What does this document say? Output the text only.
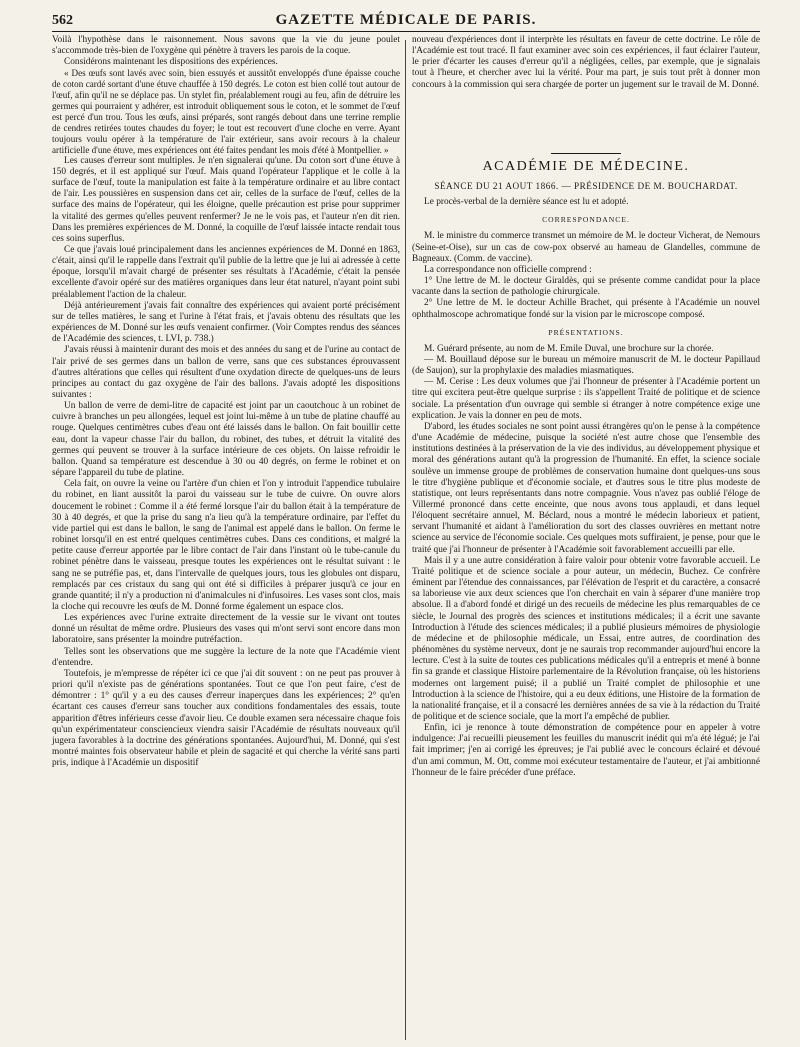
562	GAZETTE MÉDICALE DE PARIS.

Voilà l'hypothèse dans le raisonnement. Nous savons que la vie du jeune poulet s'accommode très-bien de l'oxygène qui pénètre à travers les parois de la coque.

Considérons maintenant les dispositions des expériences.

« Des œufs sont lavés avec soin, bien essuyés et aussitôt enveloppés d'une épaisse couche de coton cardé sortant d'une étuve chauffée à 150 degrés. Le coton est bien collé tout autour de l'œuf, afin qu'il ne se déplace pas. Un stylet fin, préalablement rougi au feu, afin de détruire les germes qui pourraient y adhérer, est introduit obliquement sous le coton, et le sommet de l'œuf est percé d'un trou. Tous les œufs, ainsi préparés, sont rangés debout dans une terrine remplie de cendres retirées toutes chaudes du foyer; le tout est recouvert d'une cloche en verre. Ayant toujours voulu opérer à la température de l'air extérieur, sans avoir recours à la chaleur artificielle d'une étuve, mes expériences ont été faites pendant les mois d'été à Montpellier. »

Les causes d'erreur sont multiples. Je n'en signalerai qu'une. Du coton sort d'une étuve à 150 degrés, et il est appliqué sur l'œuf. Mais quand l'opérateur l'applique et le colle à la surface de l'œuf, toute la manipulation est faite à la température ordinaire et au libre contact de l'air. Les poussières en suspension dans cet air, celles de la surface de l'œuf, celles de la surface des mains de l'opérateur, qui les éloigne, quelle précaution est prise pour supprimer la vitalité des germes qu'elles peuvent renfermer? Je ne le vois pas, et l'auteur n'en dit rien. Dans les premières expériences de M. Donné, la coquille de l'œuf laissée intacte rendait tous ces soins superflus.

Ce que j'avais loué principalement dans les anciennes expériences de M. Donné en 1863, c'était, ainsi qu'il le rappelle dans l'extrait qu'il publie de la lettre que je lui ai adressée à cette époque, lorsqu'il m'avait chargé de présenter ses résultats à l'Académie, c'était la pensée excellente d'avoir opéré sur des matières organiques dans leur état naturel, n'ayant point subi préalablement l'action de la chaleur.

Déjà antérieurement j'avais fait connaître des expériences qui avaient porté précisément sur de telles matières, le sang et l'urine à l'état frais, et j'avais obtenu des résultats que les expériences de M. Donné sur les œufs venaient confirmer. (Voir Comptes rendus des séances de l'Académie des sciences, t. LVI, p. 738.)

J'avais réussi à maintenir durant des mois et des années du sang et de l'urine au contact de l'air privé de ses germes dans un ballon de verre, sans que ces substances éprouvassent d'autres altérations que celles qui résultent d'une oxydation directe de quelques-uns de leurs principes au contact du gaz oxygène de l'air des ballons. J'avais adopté les dispositions suivantes :

Un ballon de verre de demi-litre de capacité est joint par un caoutchouc à un robinet de cuivre à branches un peu allongées, lequel est joint lui-même à un tube de platine chauffé au rouge. Quelques centimètres cubes d'eau ont été laissés dans le ballon. On fait bouillir cette eau, dont la vapeur chasse l'air du ballon, du robinet, des tubes, et détruit la vitalité des germes qui peuvent se trouver à la surface intérieure de ces objets. On laisse refroidir le ballon. Quand sa température est descendue à 30 ou 40 degrés, on ferme le robinet et on sépare l'appareil du tube de platine.

Cela fait, on ouvre la veine ou l'artère d'un chien et l'on y introduit l'appendice tubulaire du robinet, en liant aussitôt la paroi du vaisseau sur le tube de cuivre. On ouvre alors doucement le robinet : Comme il a été fermé lorsque l'air du ballon était à la température de 30 à 40 degrés, et que la prise du sang n'a lieu qu'à la température ordinaire, par l'effet du vide partiel qui est dans le ballon, le sang de l'animal est appelé dans le ballon. On ferme le robinet lorsqu'il en est entré quelques centimètres cubes. Dans ces conditions, et malgré la petite cause d'erreur apportée par le libre contact de l'air dans l'instant où le tube-canule du robinet pénètre dans le vaisseau, presque toutes les expériences ont le résultat suivant : le sang ne se putréfie pas, et, dans l'intervalle de quelques jours, tous les globules ont disparu, remplacés par ces cristaux du sang qui ont été si difficiles à préparer jusqu'à ce jour en grande quantité; il n'y a production ni d'animalcules ni d'infusoires. Les vases sont clos, mais la cloche qui recouvre les œufs de M. Donné forme également un espace clos.

Les expériences avec l'urine extraite directement de la vessie sur le vivant ont toutes donné un résultat de même ordre. Plusieurs des vases qui m'ont servi sont encore dans mon laboratoire, sans présenter la moindre putréfaction.

Telles sont les observations que me suggère la lecture de la note que l'Académie vient d'entendre.

Toutefois, je m'empresse de répéter ici ce que j'ai dit souvent : on ne peut pas prouver à priori qu'il n'existe pas de générations spontanées. Tout ce que l'on peut faire, c'est de démontrer : 1° qu'il y a eu des causes d'erreur inaperçues dans les expériences; 2° qu'en écartant ces causes d'erreur sans toucher aux conditions fondamentales des essais, toute apparition d'êtres inférieurs cesse d'avoir lieu. Ce double examen sera nécessaire chaque fois qu'un expérimentateur consciencieux viendra saisir l'Académie de résultats nouveaux qu'il jugera favorables à la doctrine des générations spontanées. Aujourd'hui, M. Donné, qui s'est montré maintes fois observateur habile et plein de sagacité et qui cherche la vérité sans parti pris, indique à l'Académie un dispositif

nouveau d'expériences dont il interprète les résultats en faveur de cette doctrine. Le rôle de l'Académie est tout tracé. Il faut examiner avec soin ces expériences, il faut éclairer l'auteur, le prier d'écarter les causes d'erreur qu'il a négligées, celles, par exemple, que je signalais tout à l'heure, et chercher avec lui la vérité. Pour ma part, je suis tout prêt à donner mon concours à la commission qui sera chargée de porter un jugement sur le travail de M. Donné.

ACADÉMIE DE MÉDECINE.
SÉANCE DU 21 AOUT 1866. — PRÉSIDENCE DE M. BOUCHARDAT.

Le procès-verbal de la dernière séance est lu et adopté.

CORRESPONDANCE.

M. le ministre du commerce transmet un mémoire de M. le docteur Vicherat, de Nemours (Seine-et-Oise), sur un cas de cow-pox observé au hameau de Glandelles, commune de Bagneaux. (Comm. de vaccine).

La correspondance non officielle comprend :

1° Une lettre de M. le docteur Giraldès, qui se présente comme candidat pour la place vacante dans la section de pathologie chirurgicale.

2° Une lettre de M. le docteur Achille Brachet, qui présente à l'Académie un nouvel ophthalmoscope achromatique fondé sur la vision par le microscope composé.

PRÉSENTATIONS.

M. Guérard présente, au nom de M. Emile Duval, une brochure sur la chorée.

— M. Bouillaud dépose sur le bureau un mémoire manuscrit de M. le docteur Papillaud (de Saujon), sur la prophylaxie des maladies miasmatiques.

— M. Cerise : Les deux volumes que j'ai l'honneur de présenter à l'Académie portent un titre qui excitera peut-être quelque surprise : ils s'appellent Traité de politique et de science sociale. La présentation d'un ouvrage qui semble si étranger à notre compétence exige une explication. Je vais la donner en peu de mots.

D'abord, les études sociales ne sont point aussi étrangères qu'on le pense à la compétence d'une Académie de médecine, puisque la société n'est autre chose que l'ensemble des institutions destinées à la préservation de la vie des individus, au développement physique et moral des générations autant qu'à la progression de l'humanité. En effet, la science sociale soulève un immense groupe de problèmes de conservation humaine dont quelques-uns sous le titre d'hygiène publique et d'économie sociale, et d'autres sous le titre plus modeste de statistique, ont leurs représentants dans notre compagnie. Vous n'avez pas oublié l'éloge de Villermé prononcé dans cette enceinte, que nous avons tous applaudi, et dans lequel l'éloquent secrétaire annuel, M. Béclard, nous a montré le médecin laborieux et patient, servant l'humanité et aidant à l'amélioration du sort des classes ouvrières en mettant notre science au service de l'économie sociale. Ces quelques mots suffiraient, je pense, pour que le traité que j'ai l'honneur de présenter à l'Académie soit favorablement accueilli par elle.

Mais il y a une autre considération à faire valoir pour obtenir votre favorable accueil. Le Traité politique et de science sociale a pour auteur, un médecin, Buchez. Ce confrère éminent par l'étendue des connaissances, par l'élévation de l'esprit et du caractère, a consacré sa laborieuse vie aux deux sciences que l'on cherchait en vain à séparer d'une manière trop absolue. Il a d'abord fondé et dirigé un des recueils de médecine les plus remarquables de ce siècle, le Journal des progrès des sciences et institutions médicales; il a écrit une savante Introduction à l'étude des sciences médicales; il a publié plusieurs mémoires de physiologie de médecine et de philosophie médicale, un Essai, entre autres, de coordination des phénomènes du système nerveux, dont je ne saurais trop recommander aujourd'hui encore la lecture. C'est à la suite de toutes ces publications médicales qu'il a entrepris et mené à bonne fin sa grande et classique Histoire parlementaire de la Révolution française, où les historiens modernes ont largement puisé; il a publié un Traité complet de philosophie et une Introduction à la science de l'histoire, qui a eu deux éditions, une Histoire de la formation de la nationalité française, et il a consacré les dernières années de sa vie à la rédaction du Traité de politique et de science sociale, que la mort l'a empêché de publier.

Enfin, ici je renonce à toute démonstration de compétence pour en appeler à votre indulgence: J'ai recueilli pieusement les feuilles du manuscrit inédit qui m'a été légué; je l'ai fait imprimer; j'en ai corrigé les épreuves; je l'ai publié avec le concours éclairé et dévoué d'un ami commun, M. Ott, comme moi exécuteur testamentaire de l'auteur, et j'ai ambitionné l'honneur de le faire précéder d'une préface.
